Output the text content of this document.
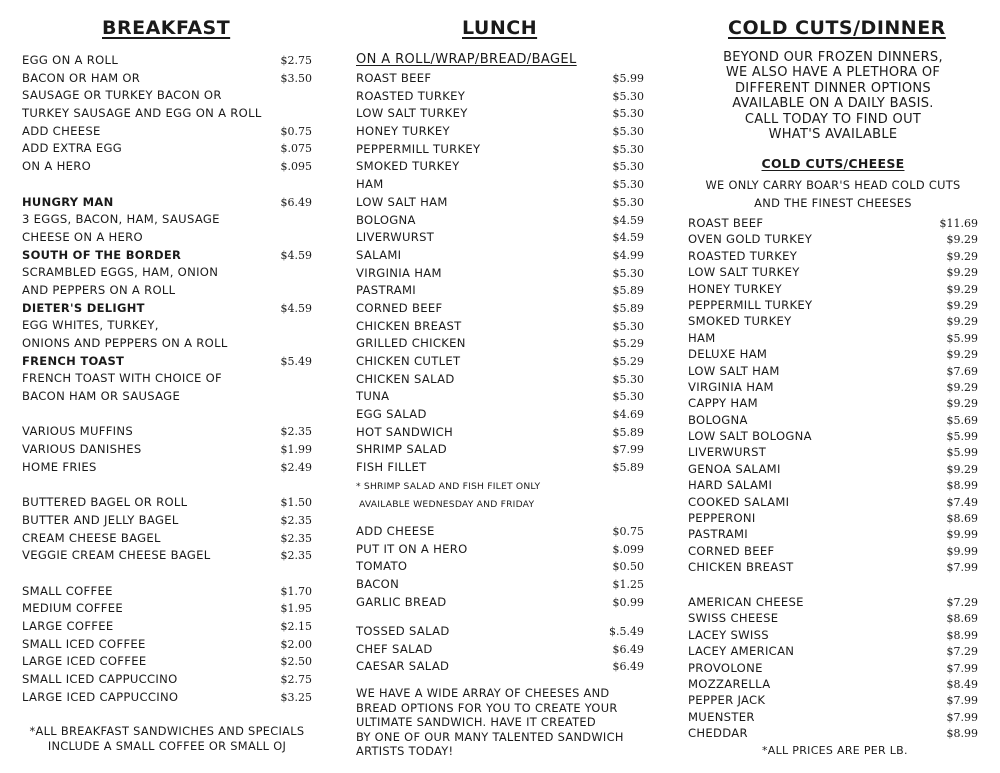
BREAKFAST
EGG ON A ROLL	$2.75
BACON OR HAM OR	$3.50
SAUSAGE OR TURKEY BACON OR
TURKEY SAUSAGE AND EGG ON A ROLL
ADD CHEESE	$0.75
ADD EXTRA EGG	$.075
ON A HERO	$.095
HUNGRY MAN	$6.49
3 EGGS, BACON, HAM, SAUSAGE
CHEESE ON A HERO
SOUTH OF THE BORDER	$4.59
SCRAMBLED EGGS, HAM, ONION
AND PEPPERS ON A ROLL
DIETER'S DELIGHT	$4.59
EGG WHITES, TURKEY,
ONIONS AND PEPPERS ON A ROLL
FRENCH TOAST	$5.49
FRENCH TOAST WITH CHOICE OF
BACON HAM OR SAUSAGE
VARIOUS MUFFINS	$2.35
VARIOUS DANISHES	$1.99
HOME FRIES	$2.49
BUTTERED BAGEL OR ROLL	$1.50
BUTTER AND JELLY BAGEL	$2.35
CREAM CHEESE BAGEL	$2.35
VEGGIE CREAM CHEESE BAGEL	$2.35
SMALL COFFEE	$1.70
MEDIUM COFFEE	$1.95
LARGE COFFEE	$2.15
SMALL ICED COFFEE	$2.00
LARGE ICED COFFEE	$2.50
SMALL ICED CAPPUCCINO	$2.75
LARGE ICED CAPPUCCINO	$3.25
*ALL BREAKFAST SANDWICHES AND SPECIALS
INCLUDE A SMALL COFFEE OR SMALL OJ
LUNCH
ON A ROLL/WRAP/BREAD/BAGEL
ROAST BEEF	$5.99
ROASTED TURKEY	$5.30
LOW SALT TURKEY	$5.30
HONEY TURKEY	$5.30
PEPPERMILL TURKEY	$5.30
SMOKED TURKEY	$5.30
HAM	$5.30
LOW SALT HAM	$5.30
BOLOGNA	$4.59
LIVERWURST	$4.59
SALAMI	$4.99
VIRGINIA HAM	$5.30
PASTRAMI	$5.89
CORNED BEEF	$5.89
CHICKEN BREAST	$5.30
GRILLED CHICKEN	$5.29
CHICKEN CUTLET	$5.29
CHICKEN SALAD	$5.30
TUNA	$5.30
EGG SALAD	$4.69
HOT SANDWICH	$5.89
SHRIMP SALAD	$7.99
FISH FILLET	$5.89
* SHRIMP SALAD AND FISH FILET ONLY
AVAILABLE WEDNESDAY AND FRIDAY
ADD CHEESE	$0.75
PUT IT ON A HERO	$.099
TOMATO	$0.50
BACON	$1.25
GARLIC BREAD	$0.99
TOSSED SALAD	$.5.49
CHEF SALAD	$6.49
CAESAR SALAD	$6.49
WE HAVE A WIDE ARRAY OF CHEESES AND
BREAD OPTIONS FOR YOU TO CREATE YOUR
ULTIMATE SANDWICH. HAVE IT CREATED
BY ONE OF OUR MANY TALENTED SANDWICH
ARTISTS TODAY!
COLD CUTS/DINNER
BEYOND OUR FROZEN DINNERS,
WE ALSO HAVE A PLETHORA OF
DIFFERENT DINNER OPTIONS
AVAILABLE ON A DAILY BASIS.
CALL TODAY TO FIND OUT
WHAT'S AVAILABLE
COLD CUTS/CHEESE
WE ONLY CARRY BOAR'S HEAD COLD CUTS
AND THE FINEST CHEESES
ROAST BEEF	$11.69
OVEN GOLD TURKEY	$9.29
ROASTED TURKEY	$9.29
LOW SALT TURKEY	$9.29
HONEY TURKEY	$9.29
PEPPERMILL TURKEY	$9.29
SMOKED TURKEY	$9.29
HAM	$5.99
DELUXE HAM	$9.29
LOW SALT HAM	$7.69
VIRGINIA HAM	$9.29
CAPPY HAM	$9.29
BOLOGNA	$5.69
LOW SALT BOLOGNA	$5.99
LIVERWURST	$5.99
GENOA SALAMI	$9.29
HARD SALAMI	$8.99
COOKED SALAMI	$7.49
PEPPERONI	$8.69
PASTRAMI	$9.99
CORNED BEEF	$9.99
CHICKEN BREAST	$7.99
AMERICAN CHEESE	$7.29
SWISS CHEESE	$8.69
LACEY SWISS	$8.99
LACEY AMERICAN	$7.29
PROVOLONE	$7.99
MOZZARELLA	$8.49
PEPPER JACK	$7.99
MUENSTER	$7.99
CHEDDAR	$8.99
*ALL PRICES ARE PER LB.
